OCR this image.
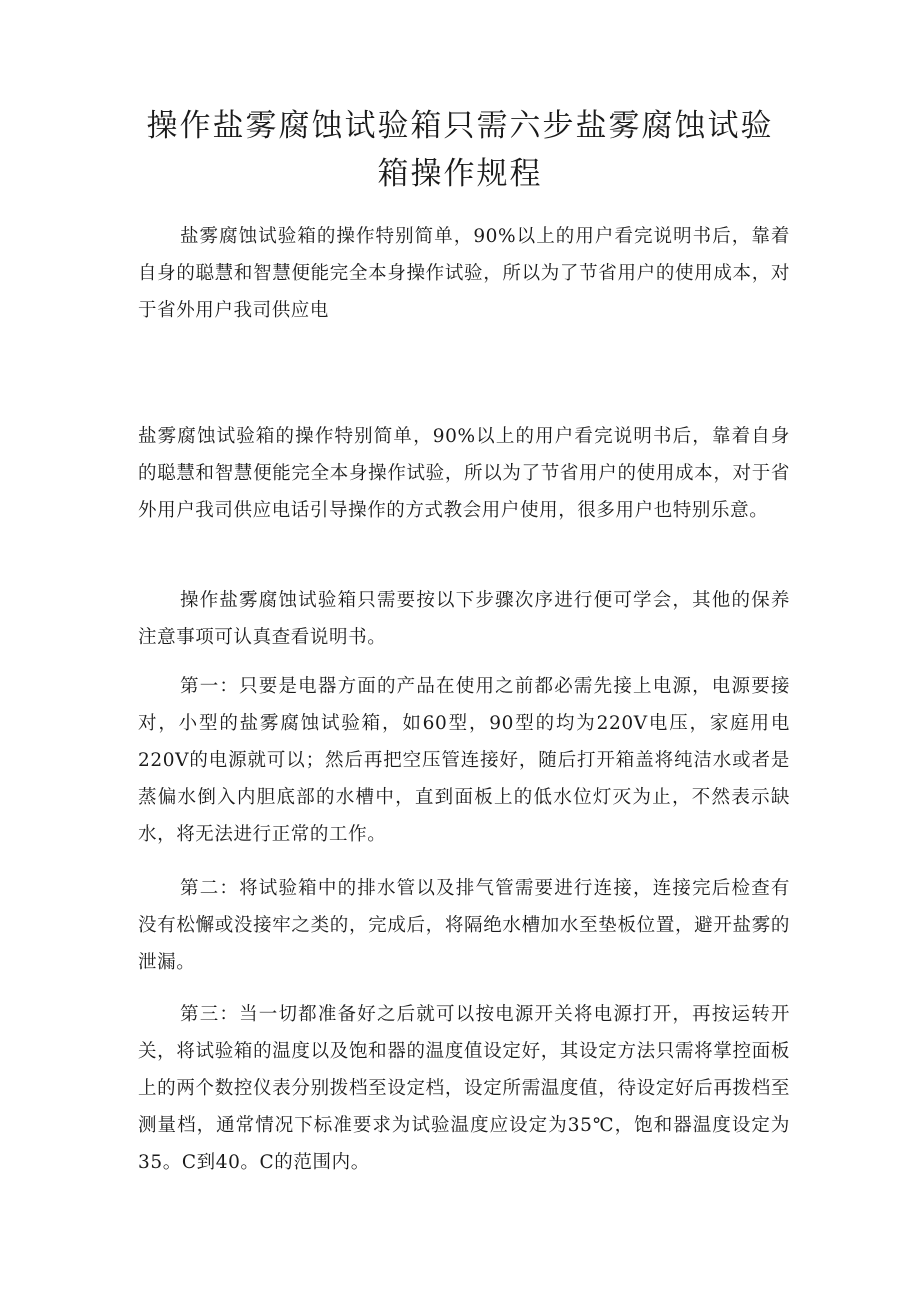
操作盐雾腐蚀试验箱只需六步盐雾腐蚀试验
箱操作规程

盐雾腐蚀试验箱的操作特别简单，90%以上的用户看完说明书后，靠着自身的聪慧和智慧便能完全本身操作试验，所以为了节省用户的使用成本，对于省外用户我司供应电

盐雾腐蚀试验箱的操作特别简单，90%以上的用户看完说明书后，靠着自身的聪慧和智慧便能完全本身操作试验，所以为了节省用户的使用成本，对于省外用户我司供应电话引导操作的方式教会用户使用，很多用户也特别乐意。

操作盐雾腐蚀试验箱只需要按以下步骤次序进行便可学会，其他的保养注意事项可认真查看说明书。

第一：只要是电器方面的产品在使用之前都必需先接上电源，电源要接对，小型的盐雾腐蚀试验箱，如60型，90型的均为220V电压，家庭用电220V的电源就可以；然后再把空压管连接好，随后打开箱盖将纯洁水或者是蒸偏水倒入内胆底部的水槽中，直到面板上的低水位灯灭为止，不然表示缺水，将无法进行正常的工作。

第二：将试验箱中的排水管以及排气管需要进行连接，连接完后检查有没有松懈或没接牢之类的，完成后，将隔绝水槽加水至垫板位置，避开盐雾的泄漏。

第三：当一切都准备好之后就可以按电源开关将电源打开，再按运转开关，将试验箱的温度以及饱和器的温度值设定好，其设定方法只需将掌控面板上的两个数控仪表分别拨档至设定档，设定所需温度值，待设定好后再拨档至测量档，通常情况下标准要求为试验温度应设定为35℃，饱和器温度设定为35。C到40。C的范围内。
